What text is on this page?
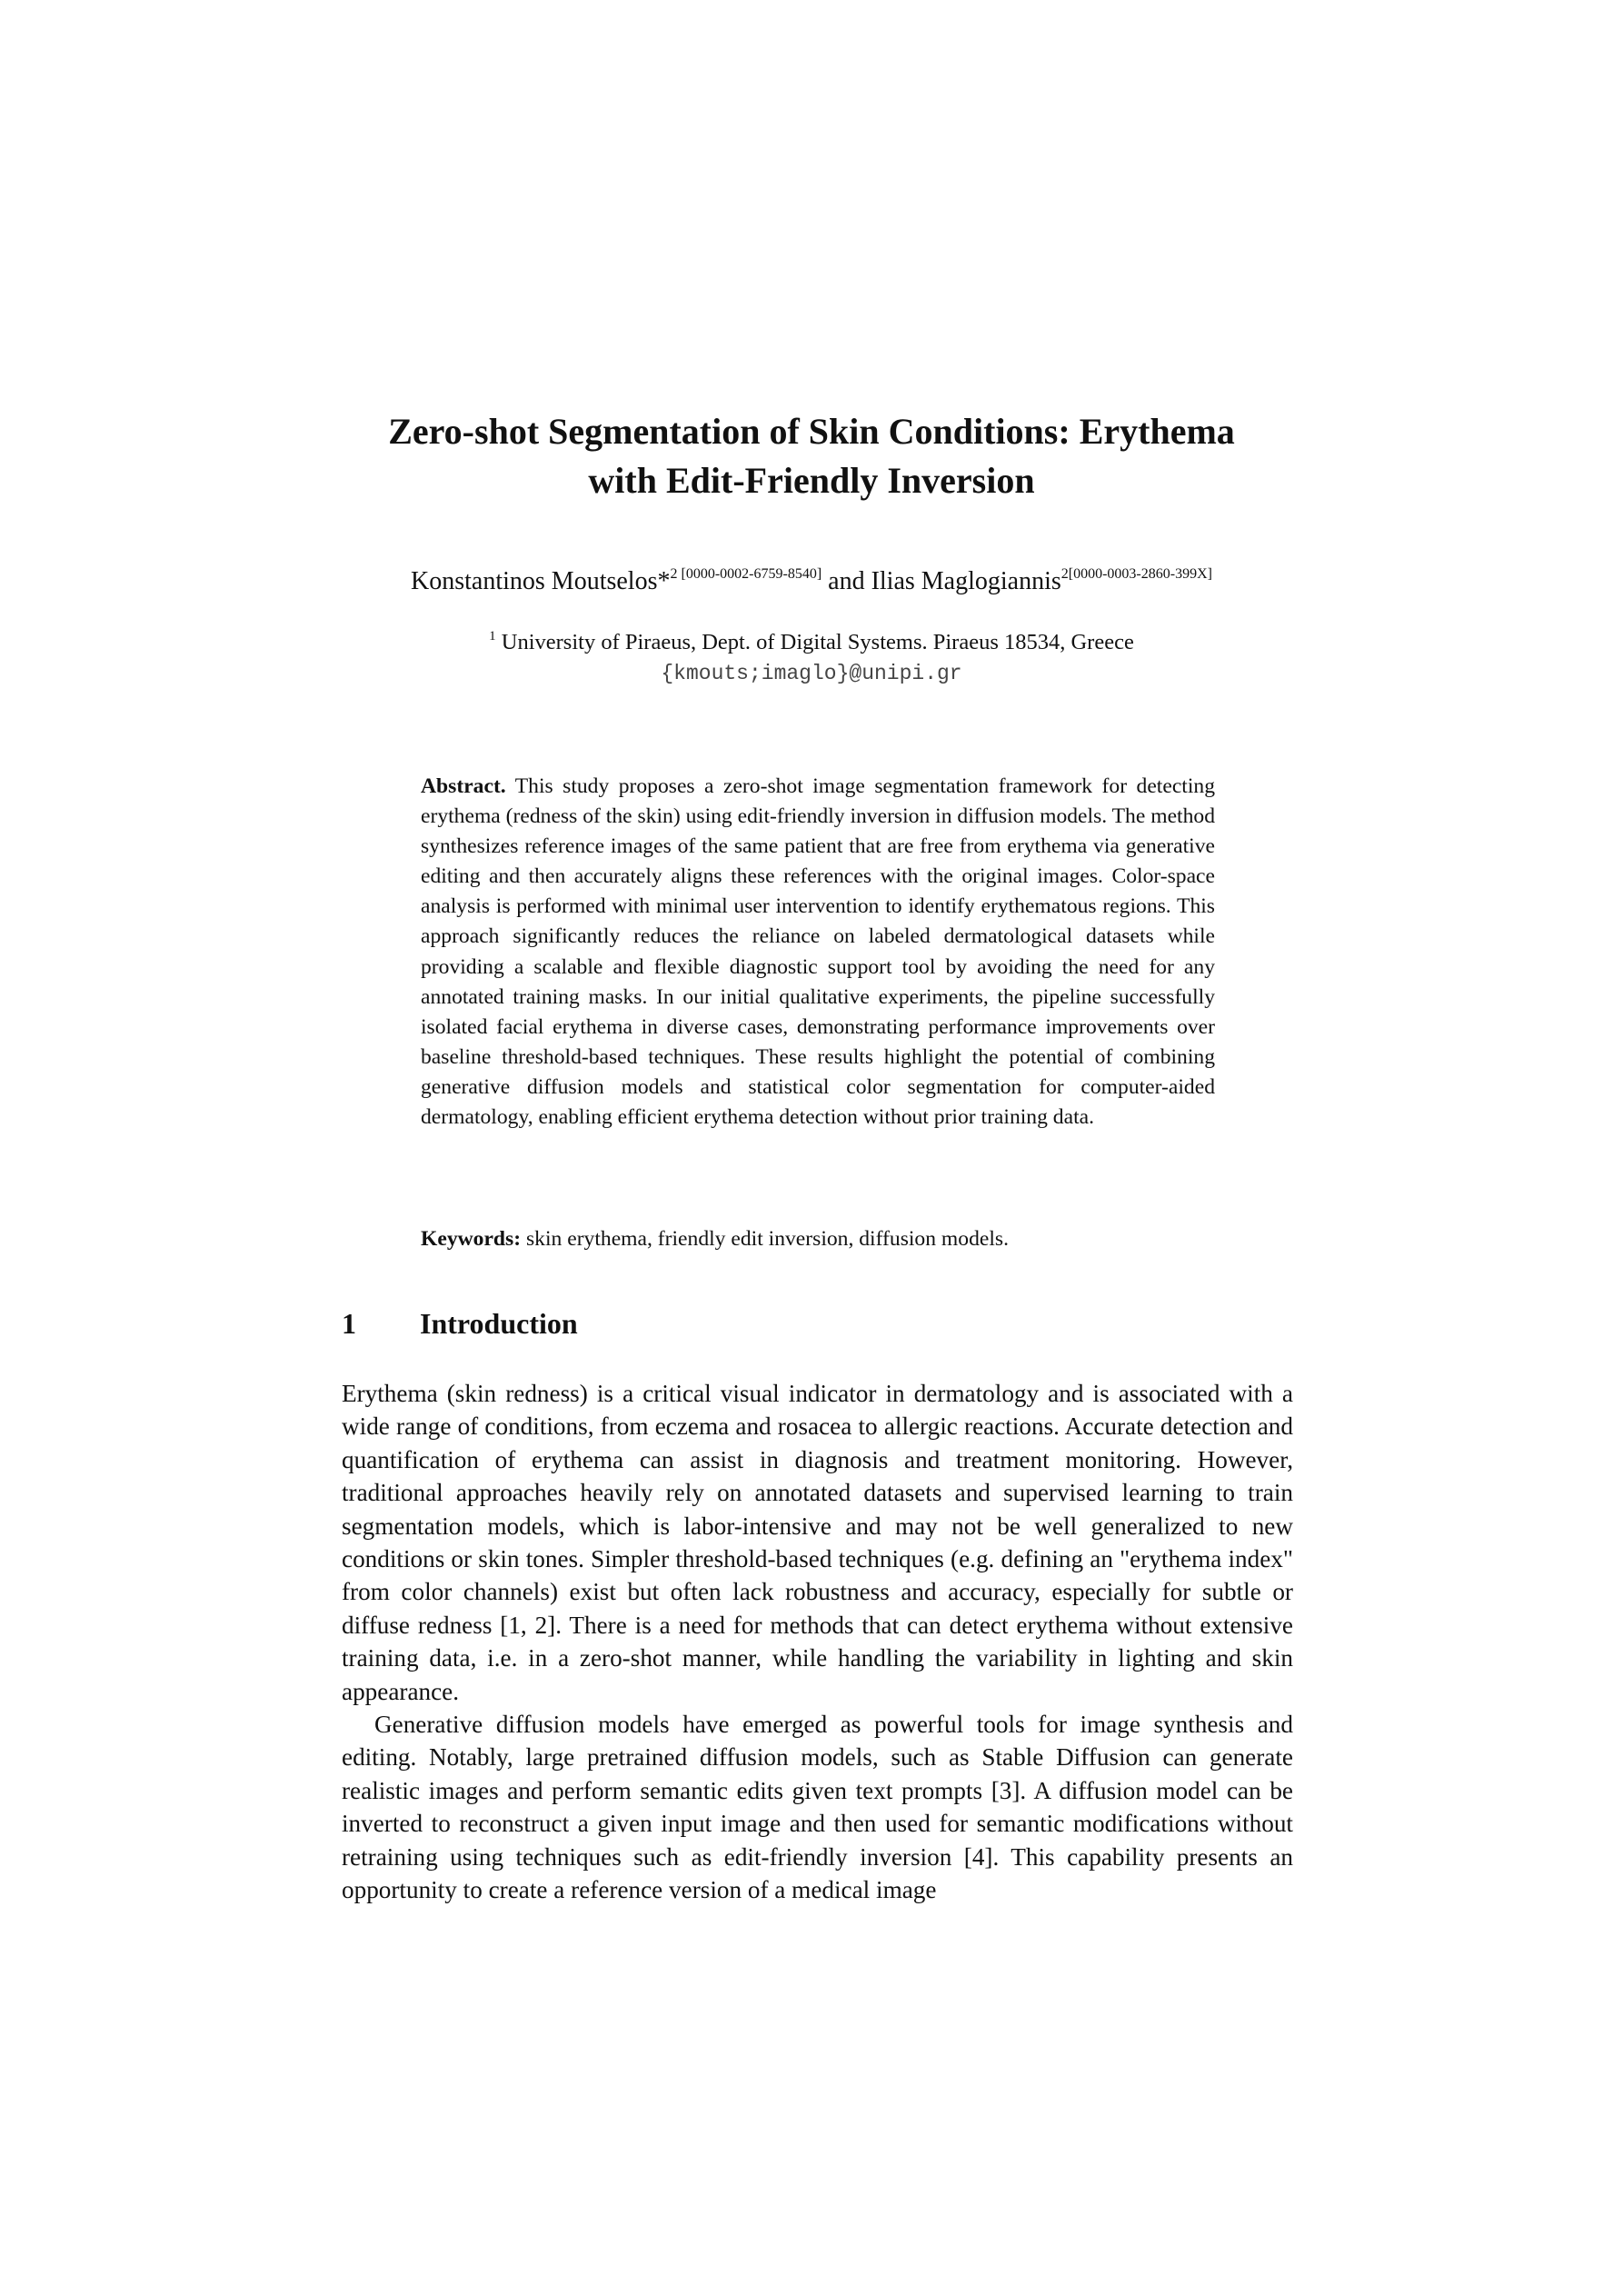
Zero-shot Segmentation of Skin Conditions: Erythema
with Edit-Friendly Inversion
Konstantinos Moutselos*$^{2 [0000-0002-6759-8540]}$ and Ilias Maglogiannis$^{2[0000-0003-2860-399X]}$
$^1$ University of Piraeus, Dept. of Digital Systems. Piraeus 18534, Greece
{kmouts;imaglo}@unipi.gr

Abstract. This study proposes a zero-shot image segmentation framework for detecting erythema (redness of the skin) using edit-friendly inversion in diffusion models. The method synthesizes reference images of the same patient that are free from erythema via generative editing and then accurately aligns these references with the original images. Color-space analysis is performed with minimal user intervention to identify erythematous regions. This approach significantly reduces the reliance on labeled dermatological datasets while providing a scalable and flexible diagnostic support tool by avoiding the need for any annotated training masks. In our initial qualitative experiments, the pipeline successfully isolated facial erythema in diverse cases, demonstrating performance improvements over baseline threshold-based techniques. These results highlight the potential of combining generative diffusion models and statistical color segmentation for computer-aided dermatology, enabling efficient erythema detection without prior training data.

Keywords: skin erythema, friendly edit inversion, diffusion models.

1 Introduction

Erythema (skin redness) is a critical visual indicator in dermatology and is associated with a wide range of conditions, from eczema and rosacea to allergic reactions. Accurate detection and quantification of erythema can assist in diagnosis and treatment monitoring. However, traditional approaches heavily rely on annotated datasets and supervised learning to train segmentation models, which is labor-intensive and may not be well generalized to new conditions or skin tones. Simpler threshold-based techniques (e.g. defining an "erythema index" from color channels) exist but often lack robustness and accuracy, especially for subtle or diffuse redness [1, 2]. There is a need for methods that can detect erythema without extensive training data, i.e. in a zero-shot manner, while handling the variability in lighting and skin appearance.

Generative diffusion models have emerged as powerful tools for image synthesis and editing. Notably, large pretrained diffusion models, such as Stable Diffusion can generate realistic images and perform semantic edits given text prompts [3]. A diffusion model can be inverted to reconstruct a given input image and then used for semantic modifications without retraining using techniques such as edit-friendly inversion [4]. This capability presents an opportunity to create a reference version of a medical image
